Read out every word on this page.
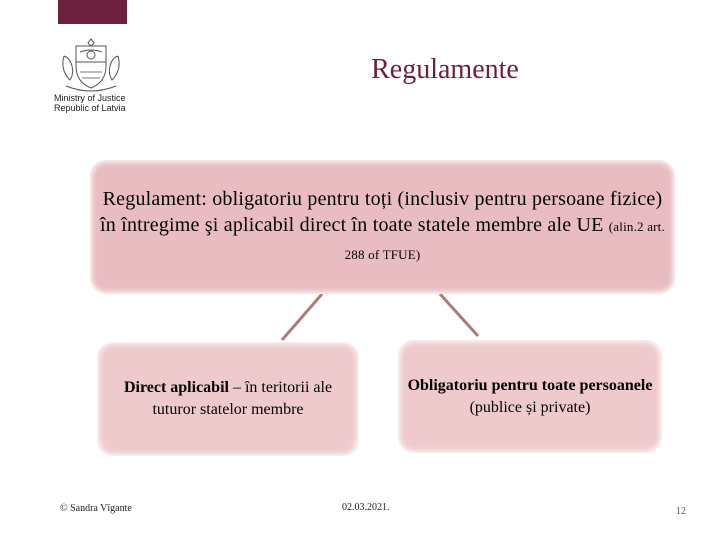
Ministry of Justice
Republic of Latvia
Regulamente
Regulament: obligatoriu pentru toți (inclusiv pentru persoane fizice) în întregime şi aplicabil direct în toate statele membre ale UE (alin.2 art. 288 of TFUE)
Direct aplicabil – în teritorii ale tuturor statelor membre
Obligatoriu pentru toate persoanele (publice și private)
© Sandra Vīgante	02.03.2021.	12
